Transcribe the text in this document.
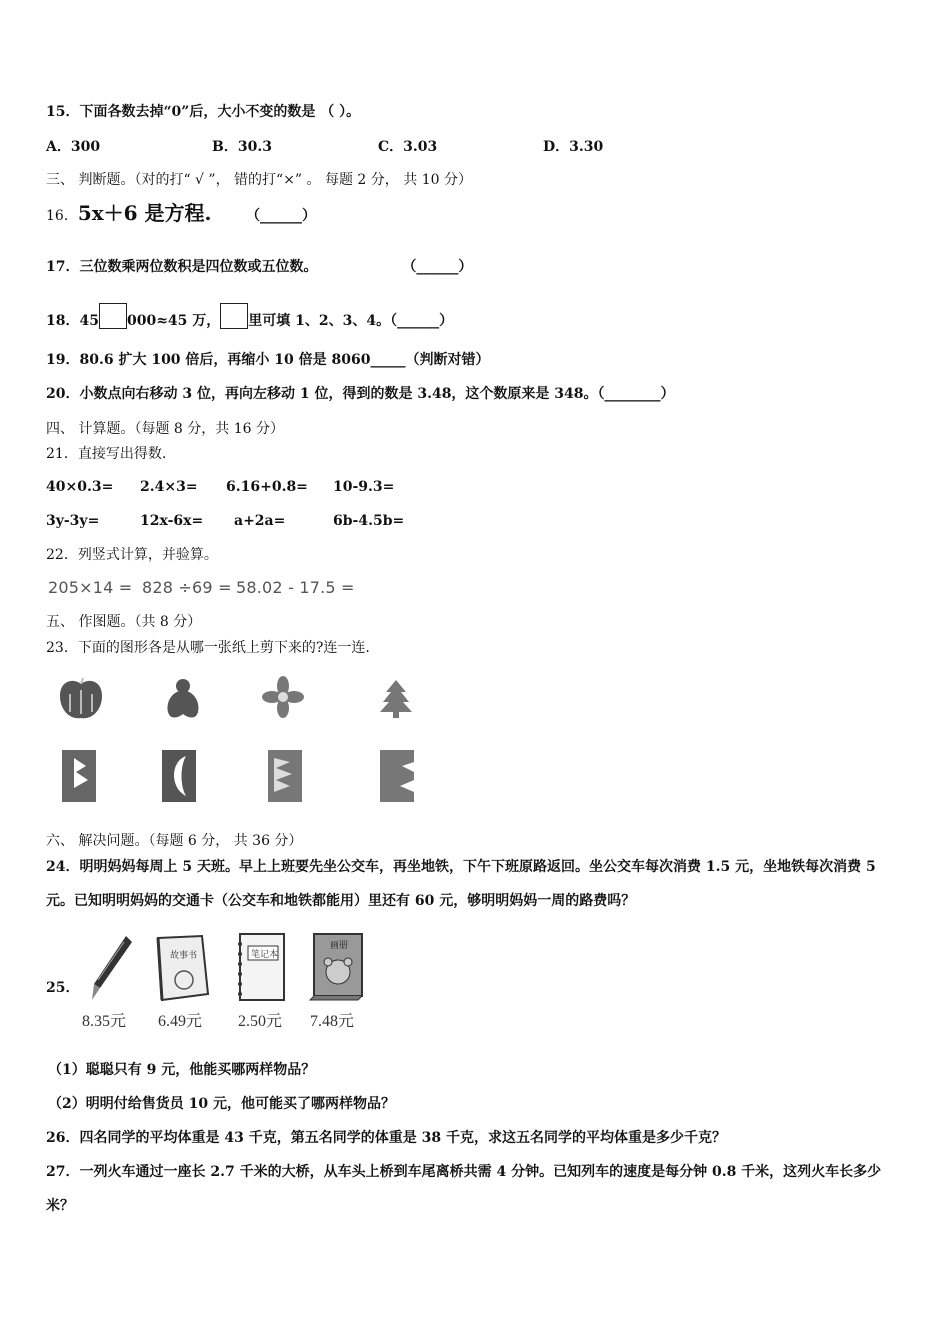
15．下面各数去掉“0”后，大小不变的数是 （ ）。
A．300	B．30.3	C．3.03	D．3.30
三、 判断题。（对的打“ √ ”， 错的打“×” 。 每题 2 分， 共 10 分）
16．5x＋6 是方程. （______）
17．三位数乘两位数积是四位数或五位数。	（______）
18．45 000≈45 万， 里可填 1、2、3、4。（______）
19．80.6 扩大 100 倍后，再缩小 10 倍是 8060_____（判断对错）
20．小数点向右移动 3 位，再向左移动 1 位，得到的数是 3.48，这个数原来是 348。（________）
四、 计算题。（每题 8 分，共 16 分）
21．直接写出得数.
40×0.3= 2.4×3= 6.16+0.8= 10-9.3=
3y-3y=	12x-6x= a+2a=	6b-4.5b=
22．列竖式计算，并验算。
205×14 = 828 ÷69 = 58.02 - 17.5 =
五、 作图题。（共 8 分）
23．下面的图形各是从哪一张纸上剪下来的?连一连.
六、 解决问题。（每题 6 分， 共 36 分）
24．明明妈妈每周上 5 天班。早上上班要先坐公交车，再坐地铁，下午下班原路返回。坐公交车每次消费 1.5 元，坐地铁每次消费 5 元。已知明明妈妈的交通卡（公交车和地铁都能用）里还有 60 元，够明明妈妈一周的路费吗？
25．
故事书	笔记本
画册
8.35元 6.49元 2.50元 7.48元
（1）聪聪只有 9 元，他能买哪两样物品？
（2）明明付给售货员 10 元，他可能买了哪两样物品？
26．四名同学的平均体重是 43 千克，第五名同学的体重是 38 千克，求这五名同学的平均体重是多少千克？
27．一列火车通过一座长 2.7 千米的大桥，从车头上桥到车尾离桥共需 4 分钟。已知列车的速度是每分钟 0.8 千米，这列火车长多少米？
